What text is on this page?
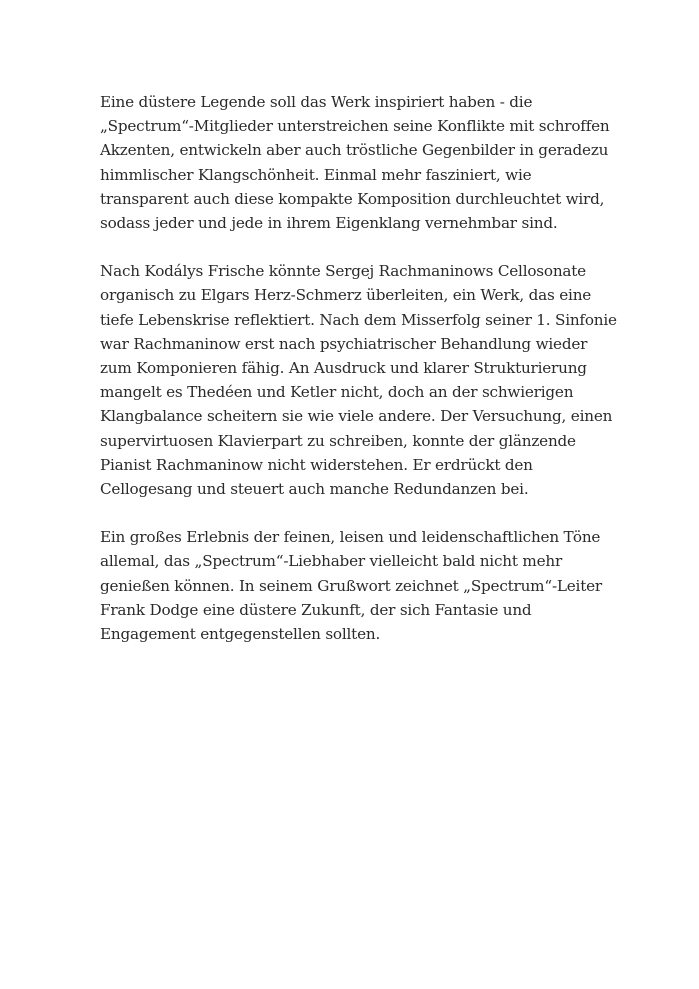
Eine düstere Legende soll das Werk inspiriert haben - die
„Spectrum“-Mitglieder unterstreichen seine Konflikte mit schroffen
Akzenten, entwickeln aber auch tröstliche Gegenbilder in geradezu
himmlischer Klangschönheit. Einmal mehr fasziniert, wie
transparent auch diese kompakte Komposition durchleuchtet wird,
sodass jeder und jede in ihrem Eigenklang vernehmbar sind.

Nach Kodálys Frische könnte Sergej Rachmaninows Cellosonate
organisch zu Elgars Herz-Schmerz überleiten, ein Werk, das eine
tiefe Lebenskrise reflektiert. Nach dem Misserfolg seiner 1. Sinfonie
war Rachmaninow erst nach psychiatrischer Behandlung wieder
zum Komponieren fähig. An Ausdruck und klarer Strukturierung
mangelt es Thedéen und Ketler nicht, doch an der schwierigen
Klangbalance scheitern sie wie viele andere. Der Versuchung, einen
supervirtuosen Klavierpart zu schreiben, konnte der glänzende
Pianist Rachmaninow nicht widerstehen. Er erdrückt den
Cellogesang und steuert auch manche Redundanzen bei.

Ein großes Erlebnis der feinen, leisen und leidenschaftlichen Töne
allemal, das „Spectrum“-Liebhaber vielleicht bald nicht mehr
genießen können. In seinem Grußwort zeichnet „Spectrum“-Leiter
Frank Dodge eine düstere Zukunft, der sich Fantasie und
Engagement entgegenstellen sollten.
